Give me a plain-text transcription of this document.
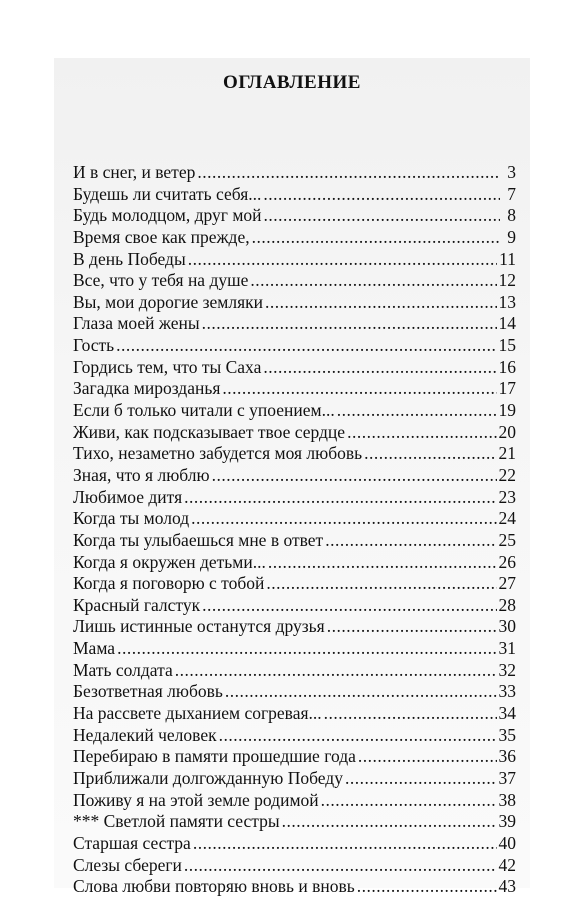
ОГЛАВЛЕНИЕ
И в снег, и ветер .....	3
Будешь ли считать себя... .....	7
Будь молодцом, друг мой .....	8
Время свое как прежде, .....	9
В день Победы .....	11
Все, что у тебя на душе .....	12
Вы, мои дорогие земляки .....	13
Глаза моей жены .....	14
Гость .....	15
Гордись тем, что ты Саха .....	16
Загадка мирозданья .....	17
Если б только читали с упоением... .....	19
Живи, как подсказывает твое сердце .....	20
Тихо, незаметно забудется моя любовь .....	21
Зная, что я люблю .....	22
Любимое дитя .....	23
Когда ты молод .....	24
Когда ты улыбаешься мне в ответ .....	25
Когда я окружен детьми... .....	26
Когда я поговорю с тобой .....	27
Красный галстук .....	28
Лишь истинные останутся друзья .....	30
Мама .....	31
Мать солдата .....	32
Безответная любовь .....	33
На рассвете дыханием согревая... .....	34
Недалекий человек .....	35
Перебираю в памяти прошедшие года .....	36
Приближали долгожданную Победу .....	37
Поживу я на этой земле родимой .....	38
*** Светлой памяти сестры .....	39
Старшая сестра .....	40
Слезы сбереги .....	42
Слова любви повторяю вновь и вновь .....	43
